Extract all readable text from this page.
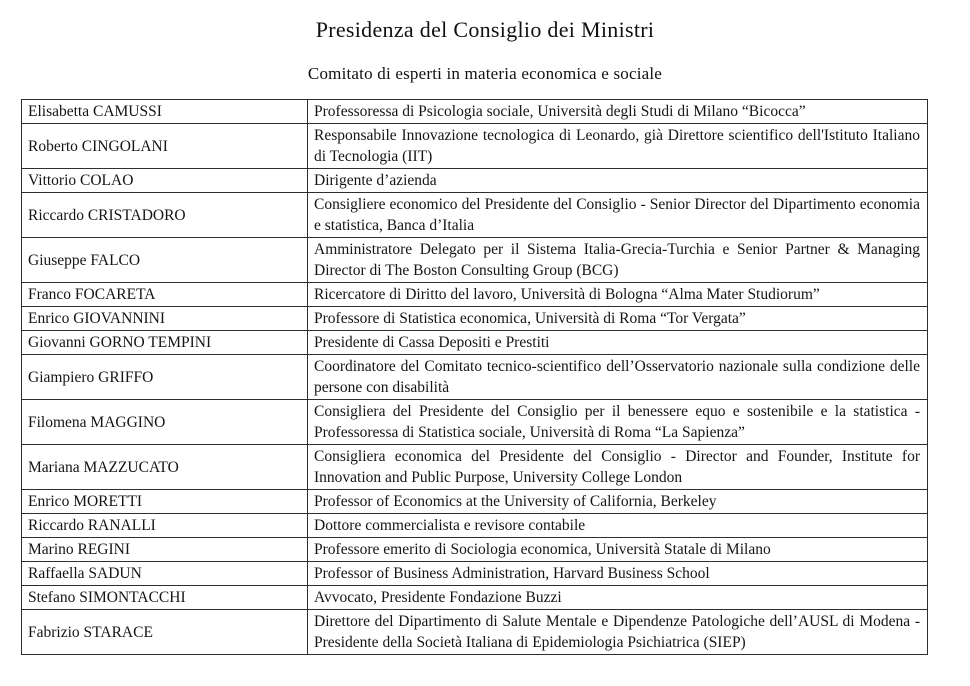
Presidenza del Consiglio dei Ministri
Comitato di esperti in materia economica e sociale
Elisabetta CAMUSSI	Professoressa di Psicologia sociale, Università degli Studi di Milano “Bicocca”
Roberto CINGOLANI	Responsabile Innovazione tecnologica di Leonardo, già Direttore scientifico dell'Istituto Italiano di Tecnologia (IIT)
Vittorio COLAO	Dirigente d’azienda
Riccardo CRISTADORO	Consigliere economico del Presidente del Consiglio - Senior Director del Dipartimento economia e statistica, Banca d’Italia
Giuseppe FALCO	Amministratore Delegato per il Sistema Italia-Grecia-Turchia e Senior Partner & Managing Director di The Boston Consulting Group (BCG)
Franco FOCARETA	Ricercatore di Diritto del lavoro, Università di Bologna “Alma Mater Studiorum”
Enrico GIOVANNINI	Professore di Statistica economica, Università di Roma “Tor Vergata”
Giovanni GORNO TEMPINI	Presidente di Cassa Depositi e Prestiti
Giampiero GRIFFO	Coordinatore del Comitato tecnico-scientifico dell’Osservatorio nazionale sulla condizione delle persone con disabilità
Filomena MAGGINO	Consigliera del Presidente del Consiglio per il benessere equo e sostenibile e la statistica - Professoressa di Statistica sociale, Università di Roma “La Sapienza”
Mariana MAZZUCATO	Consigliera economica del Presidente del Consiglio - Director and Founder, Institute for Innovation and Public Purpose, University College London
Enrico MORETTI	Professor of Economics at the University of California, Berkeley
Riccardo RANALLI	Dottore commercialista e revisore contabile
Marino REGINI	Professore emerito di Sociologia economica, Università Statale di Milano
Raffaella SADUN	Professor of Business Administration, Harvard Business School
Stefano SIMONTACCHI	Avvocato, Presidente Fondazione Buzzi
Fabrizio STARACE	Direttore del Dipartimento di Salute Mentale e Dipendenze Patologiche dell’AUSL di Modena - Presidente della Società Italiana di Epidemiologia Psichiatrica (SIEP)
